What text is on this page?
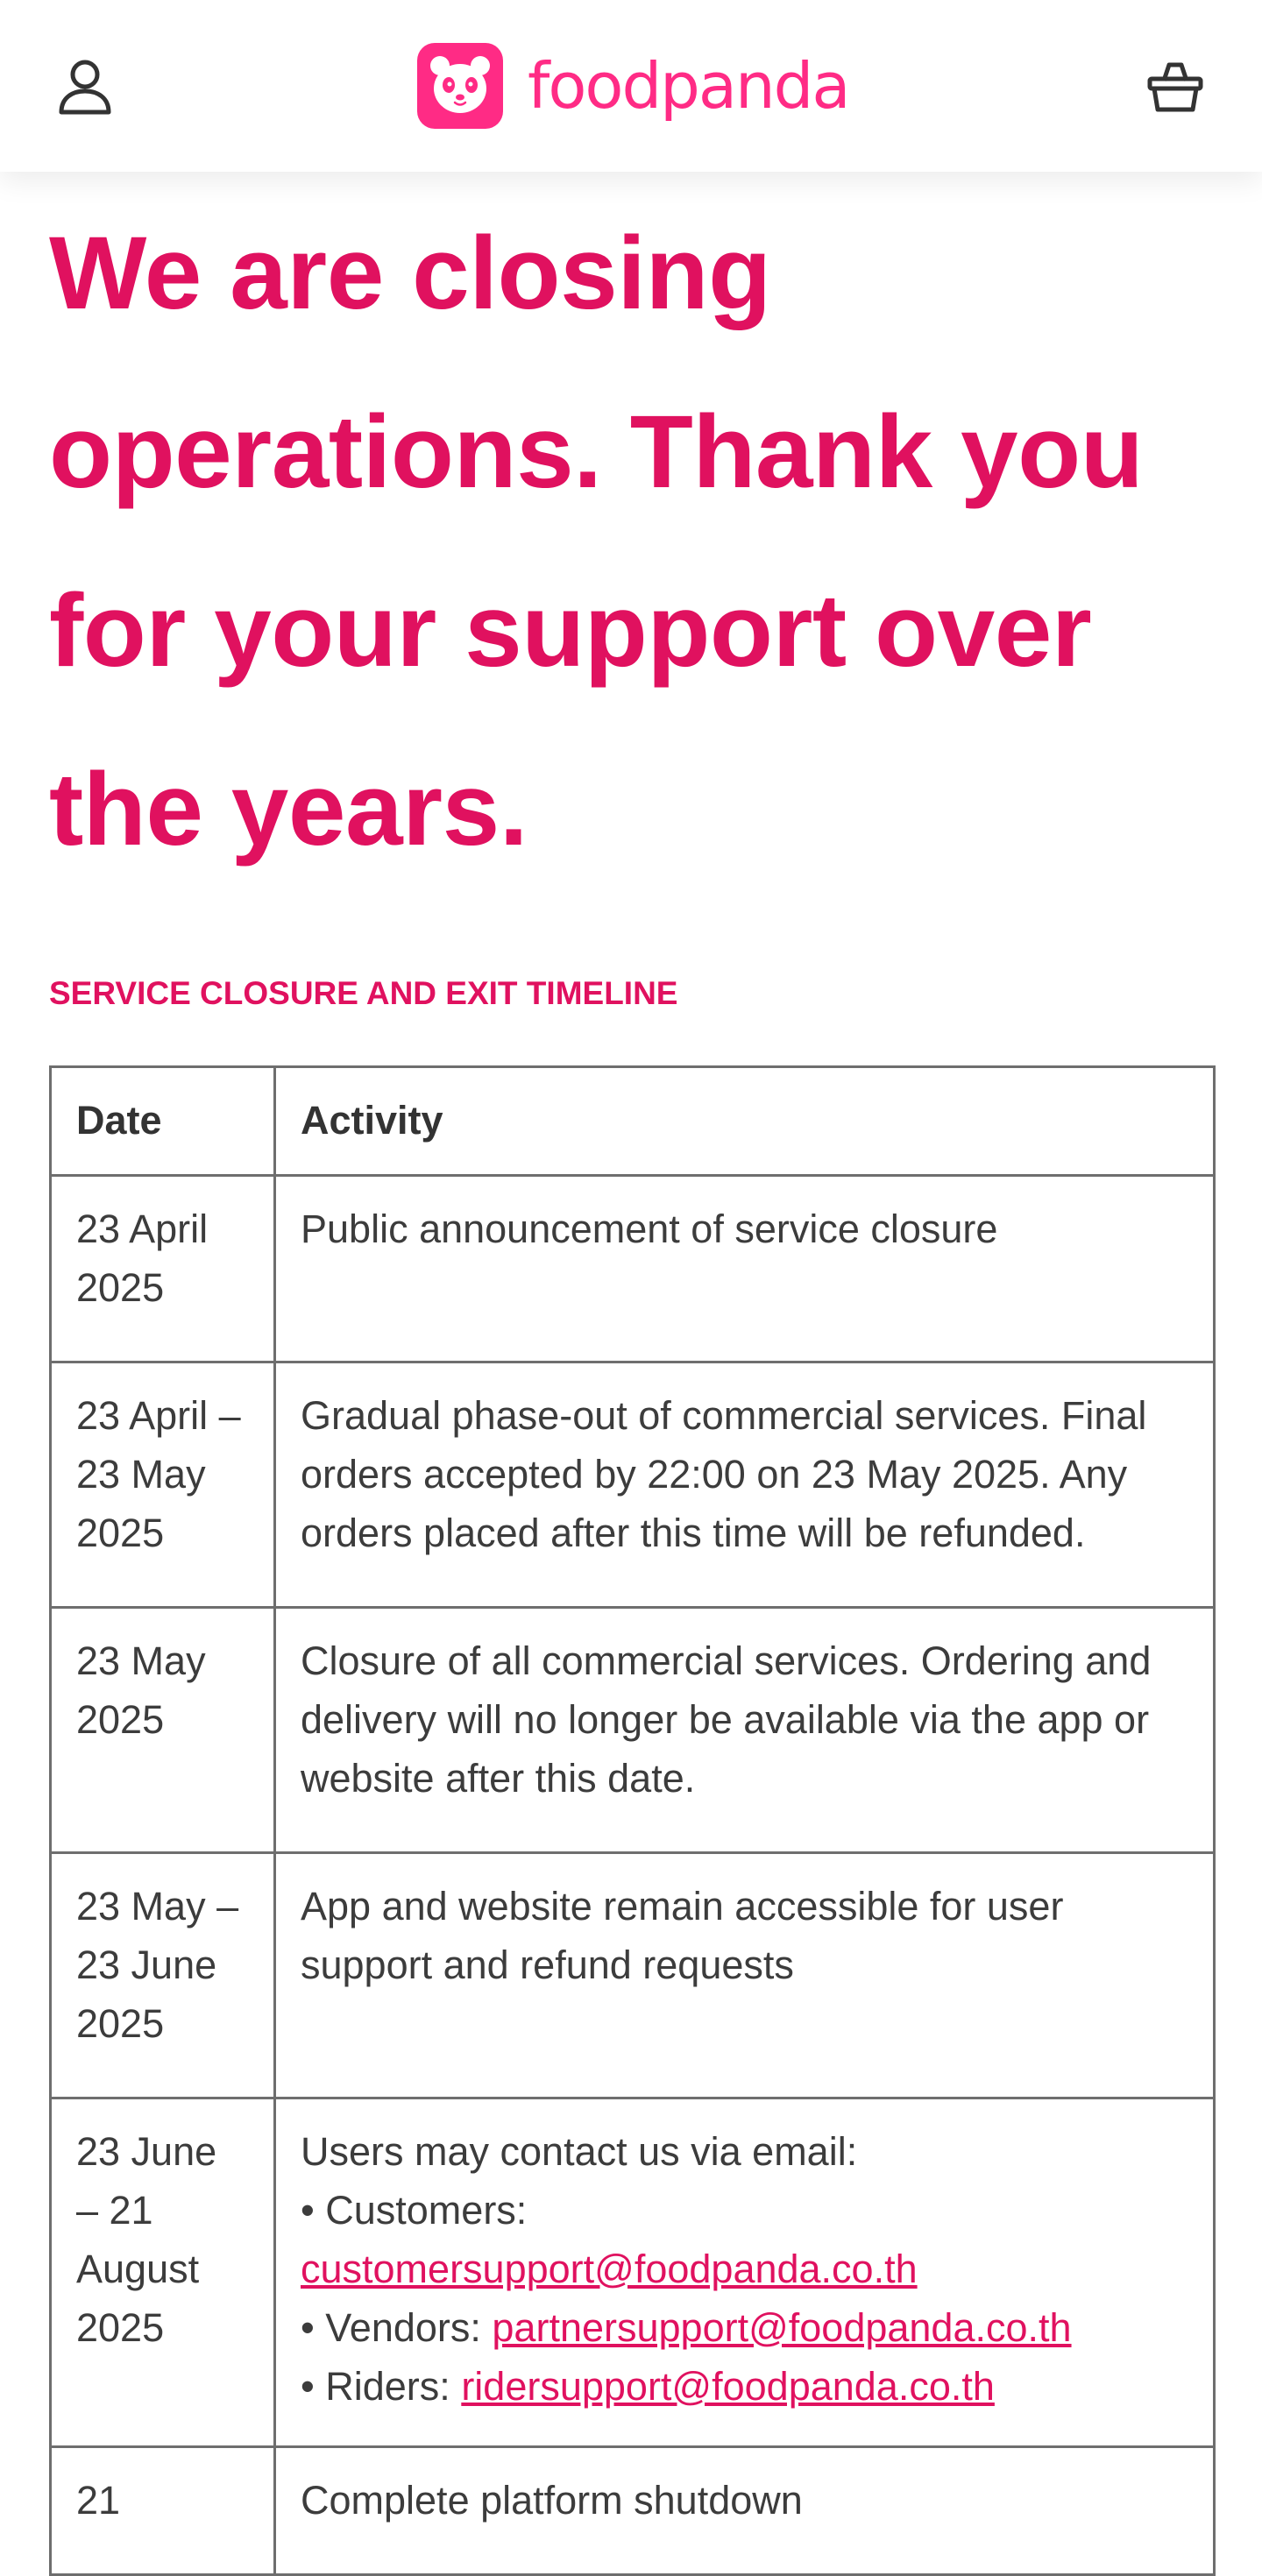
foodpanda
We are closing operations. Thank you for your support over the years.
SERVICE CLOSURE AND EXIT TIMELINE
Date	Activity
23 April 2025	Public announcement of service closure
23 April – 23 May 2025	Gradual phase-out of commercial services. Final orders accepted by 22:00 on 23 May 2025. Any orders placed after this time will be refunded.
23 May 2025	Closure of all commercial services. Ordering and delivery will no longer be available via the app or website after this date.
23 May – 23 June 2025	App and website remain accessible for user support and refund requests
23 June – 21 August 2025	Users may contact us via email:
• Customers:
customersupport@foodpanda.co.th
• Vendors: partnersupport@foodpanda.co.th
• Riders: ridersupport@foodpanda.co.th

21	Complete platform shutdown
